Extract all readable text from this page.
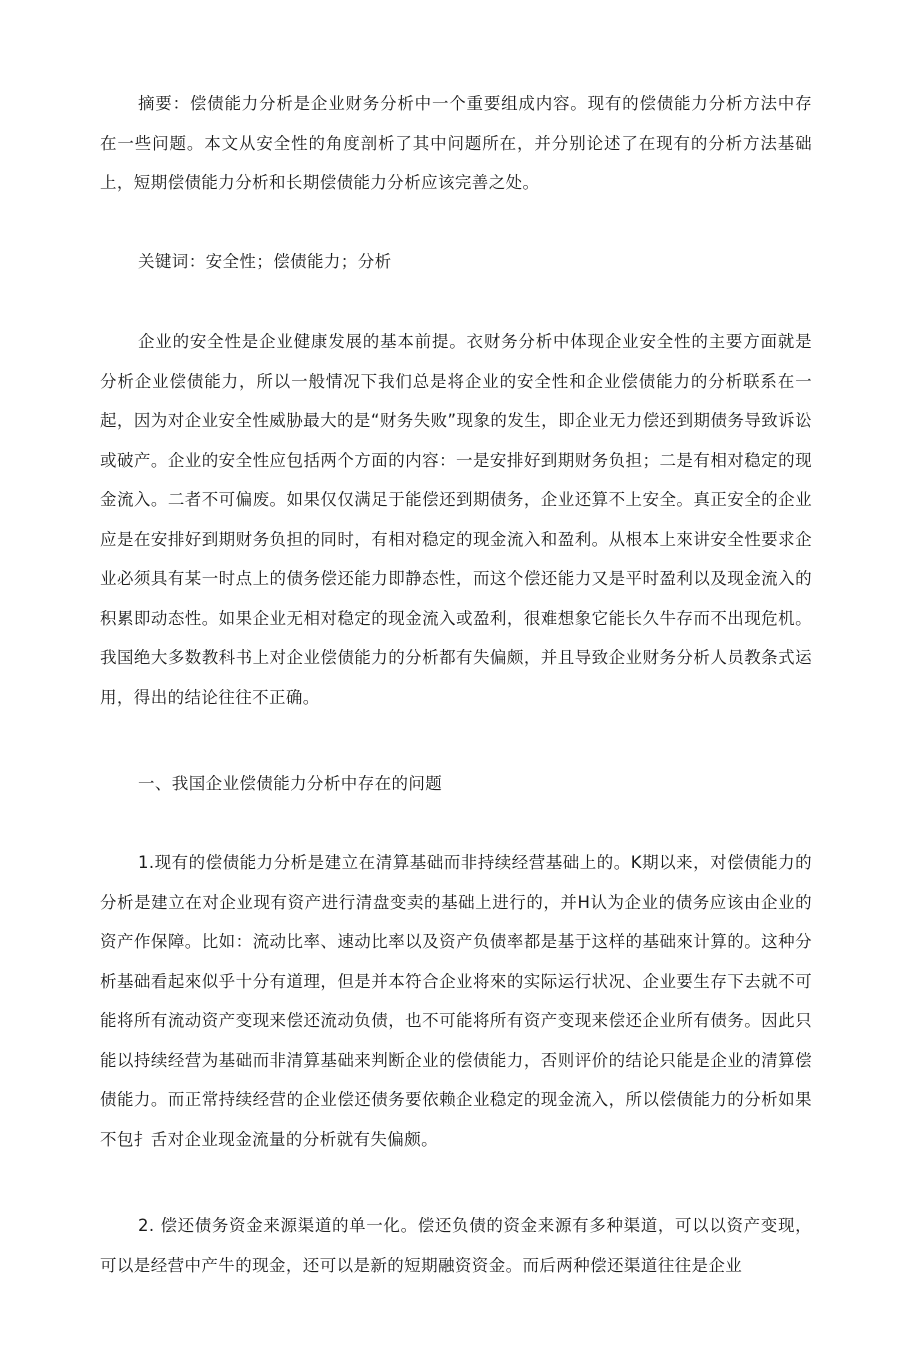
摘要：偿债能力分析是企业财务分析中一个重要组成内容。现有的偿债能力分析方法中存在一些问题。本文从安全性的角度剖析了其中问题所在，并分别论述了在现有的分析方法基础上，短期偿债能力分析和长期偿债能力分析应该完善之处。

关键词：安全性；偿债能力；分析

企业的安全性是企业健康发展的基本前提。衣财务分析中体现企业安全性的主要方面就是分析企业偿债能力，所以一般情况下我们总是将企业的安全性和企业偿债能力的分析联系在一起，因为对企业安全性威胁最大的是“财务失败”现象的发生，即企业无力偿还到期债务导致诉讼或破产。企业的安全性应包括两个方面的内容：一是安排好到期财务负担；二是有相对稳定的现金流入。二者不可偏废。如果仅仅满足于能偿还到期债务，企业还算不上安全。真正安全的企业应是在安排好到期财务负担的同时，有相对稳定的现金流入和盈利。从根本上來讲安全性要求企业必须具有某一时点上的债务偿还能力即静态性，而这个偿还能力又是平时盈利以及现金流入的积累即动态性。如果企业无相对稳定的现金流入或盈利，很难想象它能长久牛存而不出现危机。我国绝大多数教科书上对企业偿债能力的分析都有失偏颇，并且导致企业财务分析人员教条式运用，得出的结论往往不正确。

一、我国企业偿债能力分析中存在的问题

1.现有的偿债能力分析是建立在清算基础而非持续经营基础上的。K期以来，对偿债能力的分析是建立在对企业现有资产进行清盘变卖的基础上进行的，并H认为企业的债务应该由企业的资产作保障。比如：流动比率、速动比率以及资产负债率都是基于这样的基础來计算的。这种分析基础看起來似乎十分有道理，但是并本符合企业将來的实际运行状况、企业要生存下去就不可能将所有流动资产变现来偿还流动负债，也不可能将所有资产变现来偿还企业所有债务。因此只能以持续经营为基础而非清算基础来判断企业的偿债能力，否则评价的结论只能是企业的清算偿债能力。而正常持续经营的企业偿还债务要依赖企业稳定的现金流入，所以偿债能力的分析如果不包扌舌对企业现金流量的分析就有失偏颇。

2. 偿还债务资金来源渠道的单一化。偿还负债的资金来源有多种渠道，可以以资产变现，可以是经营中产牛的现金，还可以是新的短期融资资金。而后两种偿还渠道往往是企业
